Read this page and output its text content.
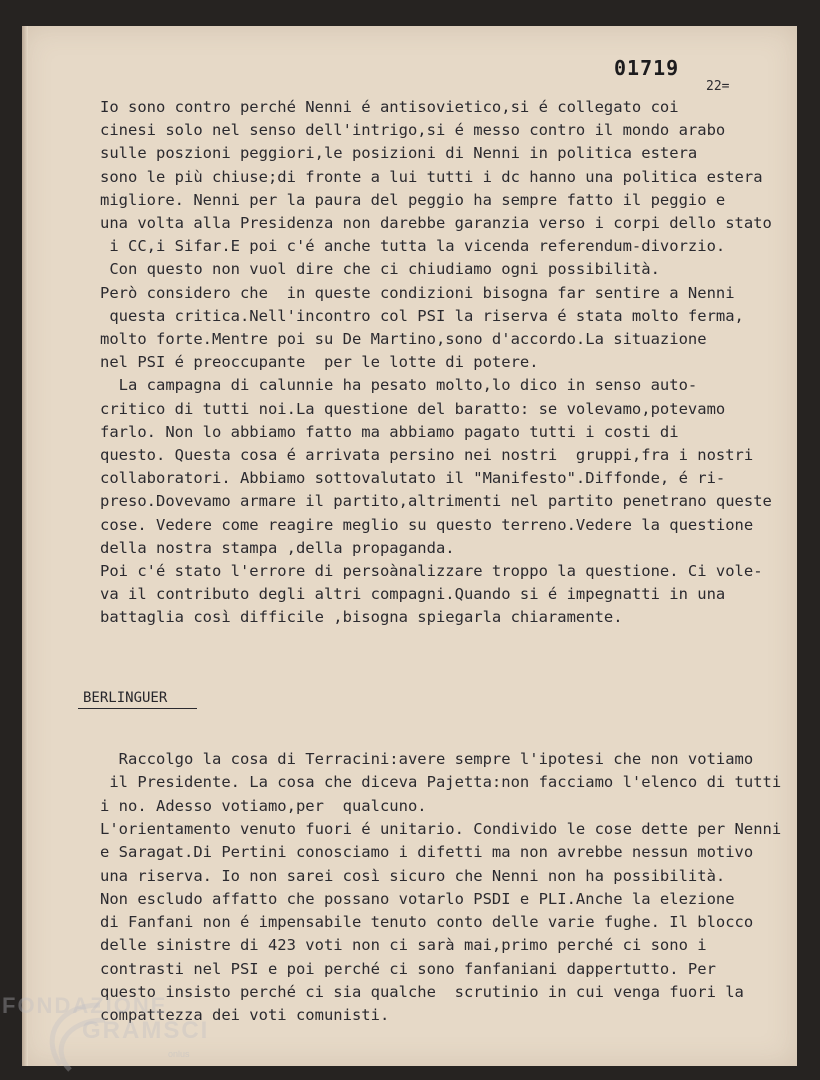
01719
22=
Io sono contro perché Nenni é antisovietico,si é collegato coi
cinesi solo nel senso dell'intrigo,si é messo contro il mondo arabo
sulle poszioni peggiori,le posizioni di Nenni in politica estera
sono le più chiuse;di fronte a lui tutti i dc hanno una politica estera
migliore. Nenni per la paura del peggio ha sempre fatto il peggio e
una volta alla Presidenza non darebbe garanzia verso i corpi dello stato
i CC,i Sifar.E poi c'é anche tutta la vicenda referendum-divorzio.
Con questo non vuol dire che ci chiudiamo ogni possibilità.
Però considero che  in queste condizioni bisogna far sentire a Nenni
questa critica.Nell'incontro col PSI la riserva é stata molto ferma,
molto forte.Mentre poi su De Martino,sono d'accordo.La situazione
nel PSI é preoccupante  per le lotte di potere.
La campagna di calunnie ha pesato molto,lo dico in senso auto-
critico di tutti noi.La questione del baratto: se volevamo,potevamo
farlo. Non lo abbiamo fatto ma abbiamo pagato tutti i costi di
questo. Questa cosa é arrivata persino nei nostri  gruppi,fra i nostri
collaboratori. Abbiamo sottovalutato il "Manifesto".Diffonde, é ri-
preso.Dovevamo armare il partito,altrimenti nel partito penetrano queste
cose. Vedere come reagire meglio su questo terreno.Vedere la questione
della nostra stampa ,della propaganda.
Poi c'é stato l'errore di persoànalizzare troppo la questione. Ci vole-
va il contributo degli altri compagni.Quando si é impegnatti in una
battaglia così difficile ,bisogna spiegarla chiaramente.
BERLINGUER
Raccolgo la cosa di Terracini:avere sempre l'ipotesi che non votiamo
il Presidente. La cosa che diceva Pajetta:non facciamo l'elenco di tutti
i no. Adesso votiamo,per  qualcuno.
L'orientamento venuto fuori é unitario. Condivido le cose dette per Nenni
e Saragat.Di Pertini conosciamo i difetti ma non avrebbe nessun motivo
una riserva. Io non sarei così sicuro che Nenni non ha possibilità.
Non escludo affatto che possano votarlo PSDI e PLI.Anche la elezione
di Fanfani non é impensabile tenuto conto delle varie fughe. Il blocco
delle sinistre di 423 voti non ci sarà mai,primo perché ci sono i
contrasti nel PSI e poi perché ci sono fanfaniani dappertutto. Per
questo insisto perché ci sia qualche  scrutinio in cui venga fuori la
compattezza dei voti comunisti.
FONDAZIONE
GRAMSCI
onlus
